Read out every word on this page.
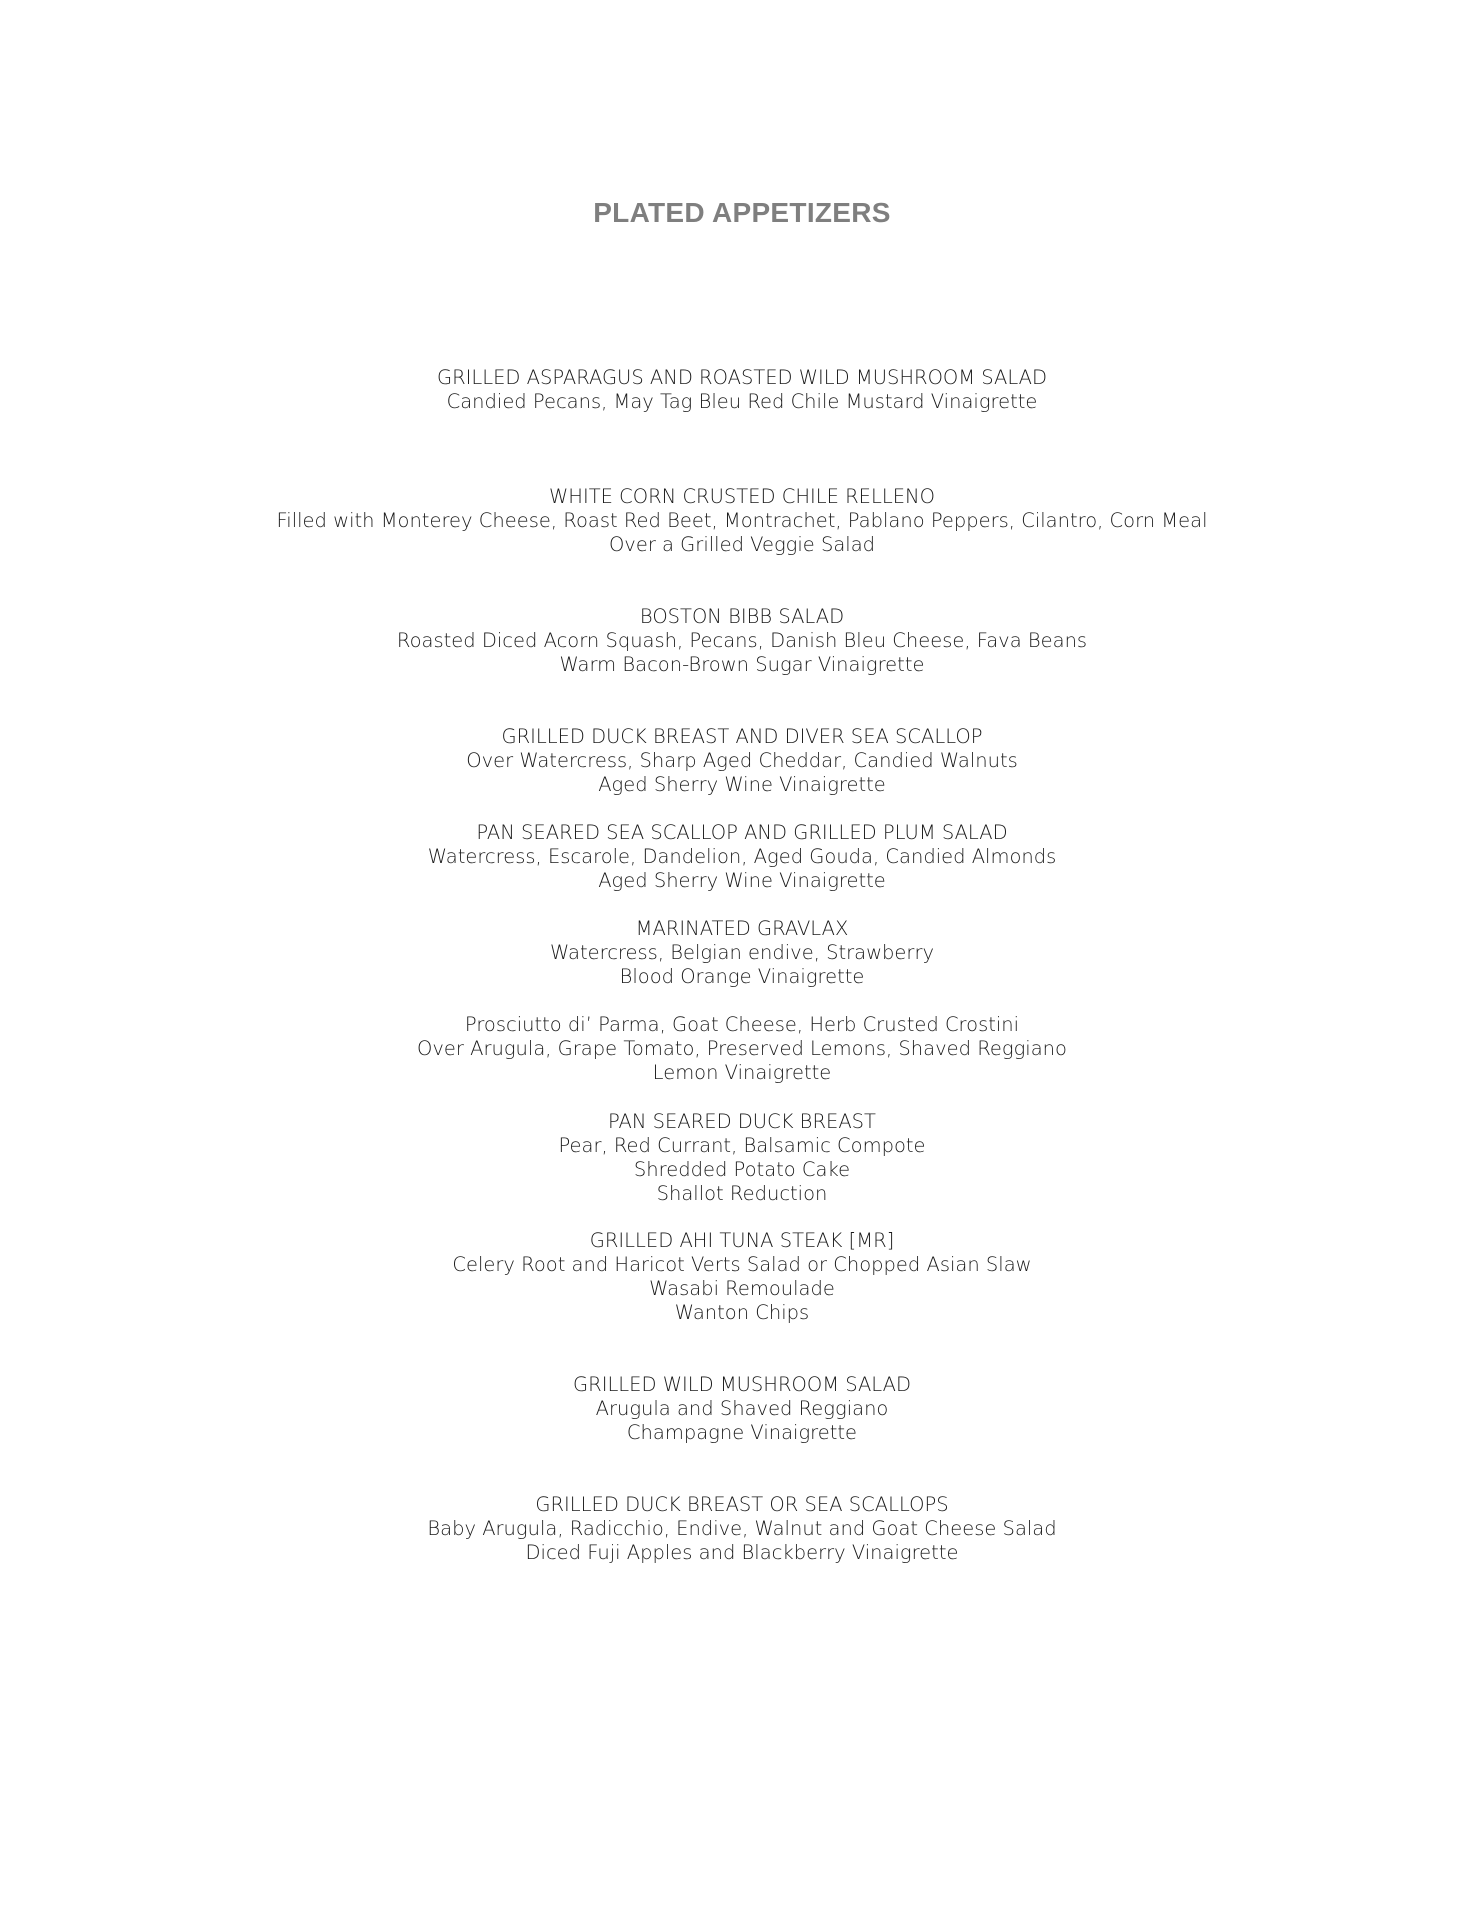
PLATED APPETIZERS
GRILLED ASPARAGUS AND ROASTED WILD MUSHROOM SALAD
Candied Pecans, May Tag Bleu Red Chile Mustard Vinaigrette
WHITE CORN CRUSTED CHILE RELLENO
Filled with Monterey Cheese, Roast Red Beet, Montrachet, Pablano Peppers, Cilantro, Corn Meal
Over a Grilled Veggie Salad
BOSTON BIBB SALAD
Roasted Diced Acorn Squash, Pecans, Danish Bleu Cheese, Fava Beans
Warm Bacon-Brown Sugar Vinaigrette
GRILLED DUCK BREAST AND DIVER SEA SCALLOP
Over Watercress, Sharp Aged Cheddar, Candied Walnuts
Aged Sherry Wine Vinaigrette
PAN SEARED SEA SCALLOP AND GRILLED PLUM SALAD
Watercress, Escarole, Dandelion, Aged Gouda, Candied Almonds
Aged Sherry Wine Vinaigrette
MARINATED GRAVLAX
Watercress, Belgian endive, Strawberry
Blood Orange Vinaigrette
Prosciutto di’ Parma, Goat Cheese, Herb Crusted Crostini
Over Arugula, Grape Tomato, Preserved Lemons, Shaved Reggiano
Lemon Vinaigrette
PAN SEARED DUCK BREAST
Pear, Red Currant, Balsamic Compote
Shredded Potato Cake
Shallot Reduction
GRILLED AHI TUNA STEAK [MR]
Celery Root and Haricot Verts Salad or Chopped Asian Slaw
Wasabi Remoulade
Wanton Chips
GRILLED WILD MUSHROOM SALAD
Arugula and Shaved Reggiano
Champagne Vinaigrette
GRILLED DUCK BREAST OR SEA SCALLOPS
Baby Arugula, Radicchio, Endive, Walnut and Goat Cheese Salad
Diced Fuji Apples and Blackberry Vinaigrette
